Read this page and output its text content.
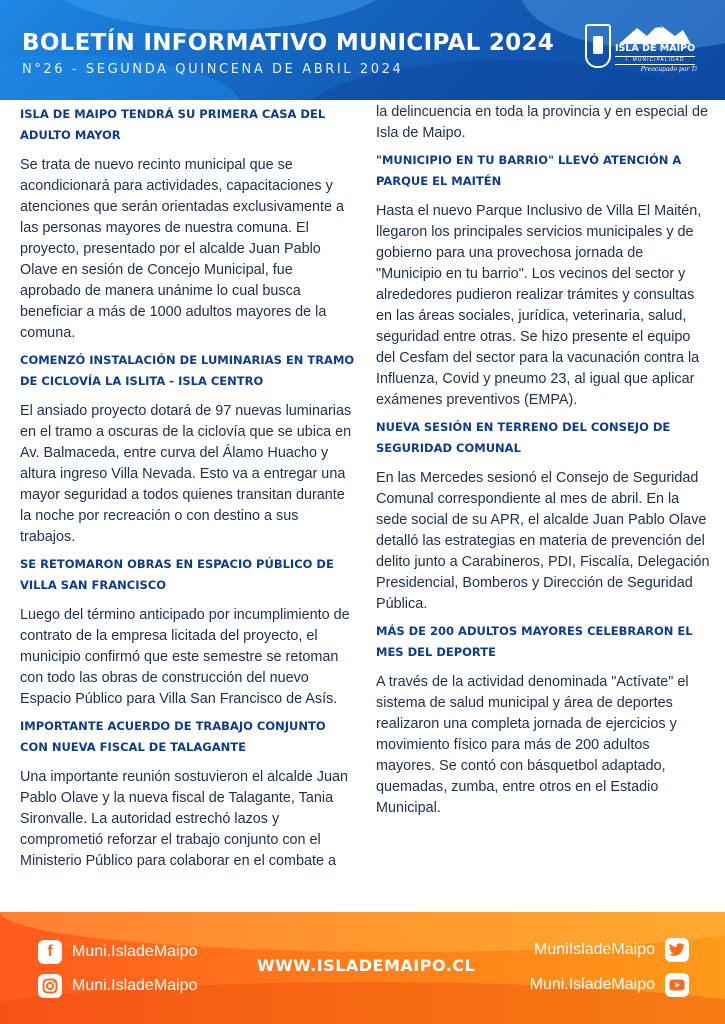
BOLETÍN INFORMATIVO MUNICIPAL 2024
N°26 - SEGUNDA QUINCENA DE ABRIL 2024
ISLA DE MAIPO
I. MUNICIPALIDAD
Preocupado por Ti
ISLA DE MAIPO TENDRÁ SU PRIMERA CASA DEL ADULTO MAYOR
Se trata de nuevo recinto municipal que se acondicionará para actividades, capacitaciones y atenciones que serán orientadas exclusivamente a las personas mayores de nuestra comuna. El proyecto, presentado por el alcalde Juan Pablo Olave en sesión de Concejo Municipal, fue aprobado de manera unánime lo cual busca beneficiar a más de 1000 adultos mayores de la comuna.
COMENZÓ INSTALACIÓN DE LUMINARIAS EN TRAMO DE CICLOVÍA LA ISLITA - ISLA CENTRO
El ansiado proyecto dotará de 97 nuevas luminarias en el tramo a oscuras de la ciclovía que se ubica en Av. Balmaceda, entre curva del Álamo Huacho y altura ingreso Villa Nevada. Esto va a entregar una mayor seguridad a todos quienes transitan durante la noche por recreación o con destino a sus trabajos.
SE RETOMARON OBRAS EN ESPACIO PÚBLICO DE VILLA SAN FRANCISCO
Luego del término anticipado por incumplimiento de contrato de la empresa licitada del proyecto, el municipio confirmó que este semestre se retoman con todo las obras de construcción del nuevo Espacio Público para Villa San Francisco de Asís.
IMPORTANTE ACUERDO DE TRABAJO CONJUNTO CON NUEVA FISCAL DE TALAGANTE
Una importante reunión sostuvieron el alcalde Juan Pablo Olave y la nueva fiscal de Talagante, Tania Sironvalle. La autoridad estrechó lazos y comprometió reforzar el trabajo conjunto con el Ministerio Público para colaborar en el combate a
la delincuencia en toda la provincia y en especial de Isla de Maipo.
"MUNICIPIO EN TU BARRIO" LLEVÓ ATENCIÓN A PARQUE EL MAITÉN
Hasta el nuevo Parque Inclusivo de Villa El Maitén, llegaron los principales servicios municipales y de gobierno para una provechosa jornada de "Municipio en tu barrio". Los vecinos del sector y alrededores pudieron realizar trámites y consultas en las áreas sociales, jurídica, veterinaria, salud, seguridad entre otras. Se hizo presente el equipo del Cesfam del sector para la vacunación contra la Influenza, Covid y pneumo 23, al igual que aplicar exámenes preventivos (EMPA).
NUEVA SESIÓN EN TERRENO DEL CONSEJO DE SEGURIDAD COMUNAL
En las Mercedes sesionó el Consejo de Seguridad Comunal correspondiente al mes de abril. En la sede social de su APR, el alcalde Juan Pablo Olave detalló las estrategias en materia de prevención del delito junto a Carabineros, PDI, Fiscalía, Delegación Presidencial, Bomberos y Dirección de Seguridad Pública.
MÁS DE 200 ADULTOS MAYORES CELEBRARON EL MES DEL DEPORTE
A través de la actividad denominada "Actívate" el sistema de salud municipal y área de deportes realizaron una completa jornada de ejercicios y movimiento físico para más de 200 adultos mayores. Se contó con básquetbol adaptado, quemadas, zumba, entre otros en el Estadio Municipal.
f	Muni.IsladeMaipo
Muni.IsladeMaipo
WWW.ISLADEMAIPO.CL
MuniIsladeMaipo
Muni.IsladeMaipo
